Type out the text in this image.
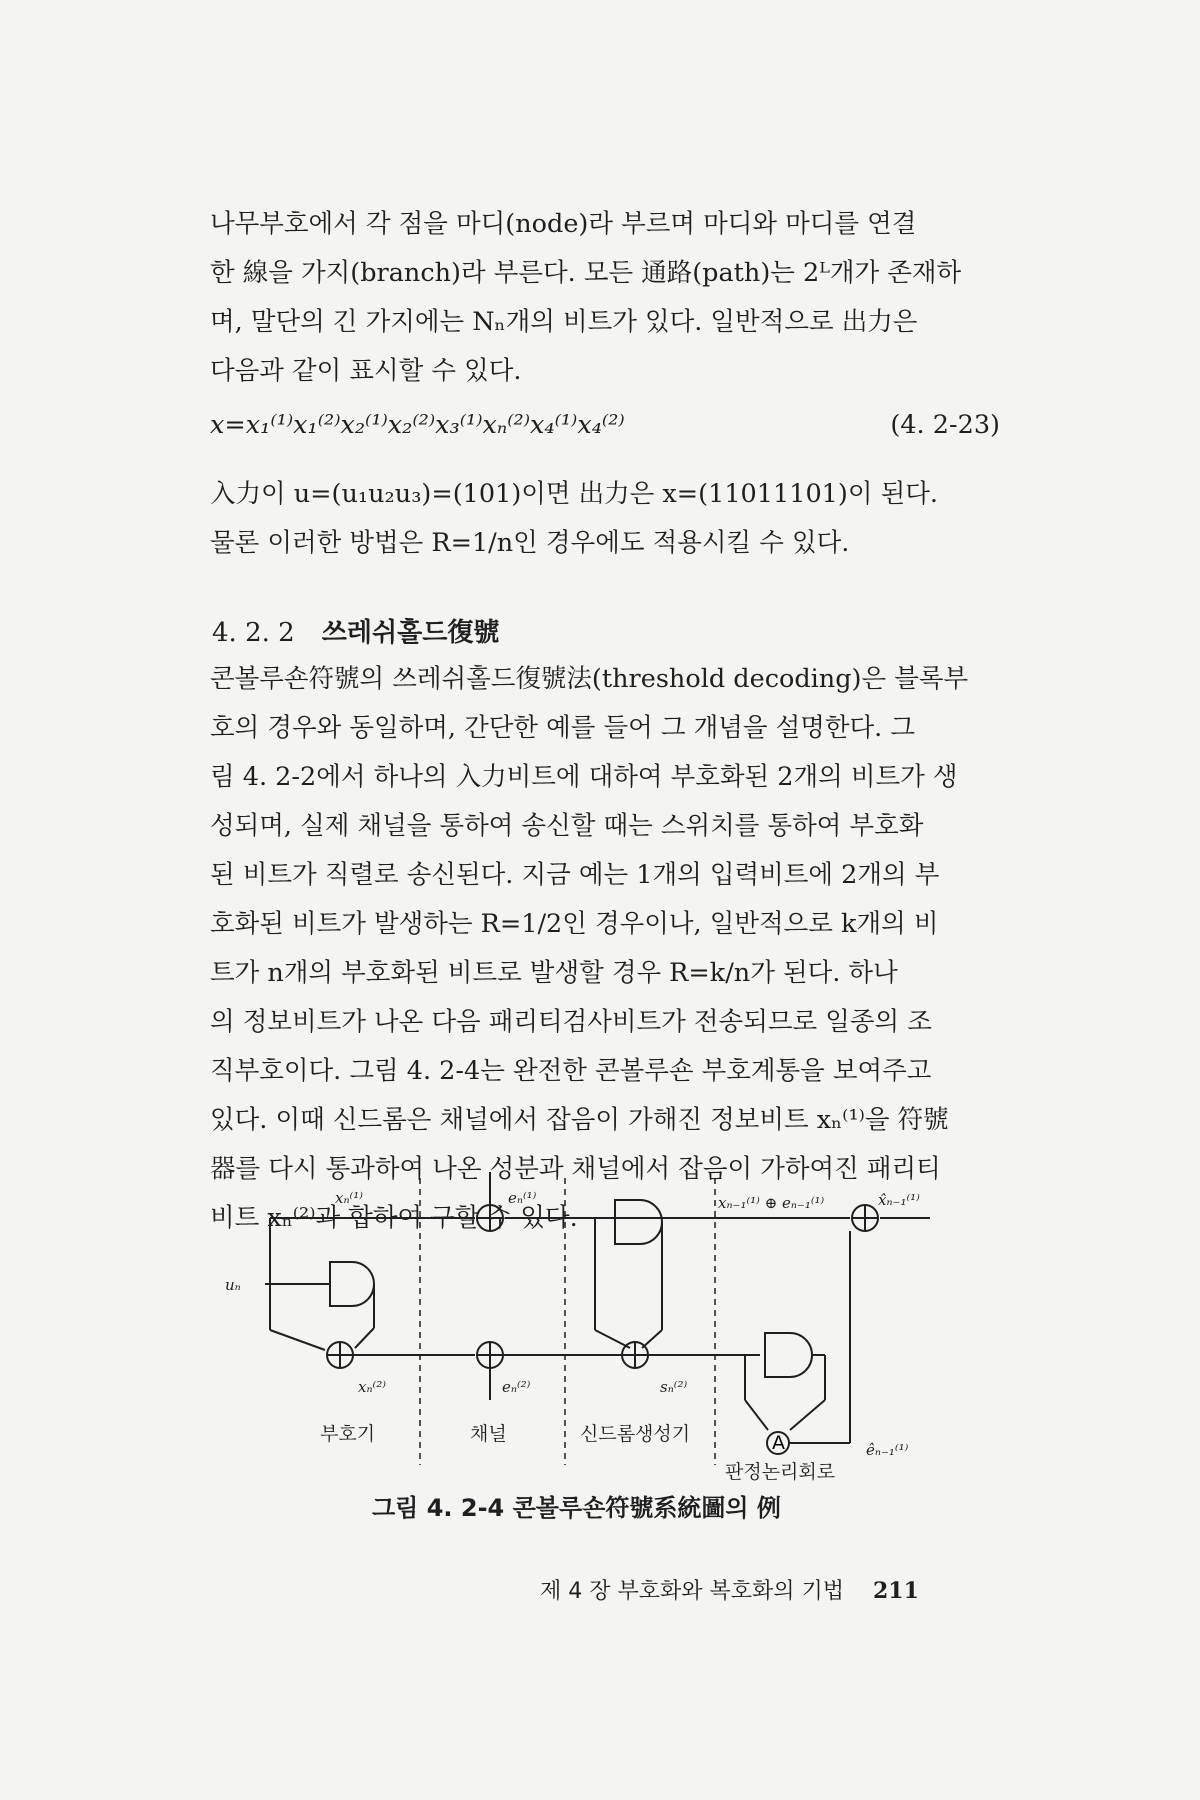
나무부호에서 각 점을 마디(node)라 부르며 마디와 마디를 연결
한 線을 가지(branch)라 부른다. 모든 通路(path)는 2ᴸ개가 존재하
며, 말단의 긴 가지에는 Nₙ개의 비트가 있다. 일반적으로 出力은
다음과 같이 표시할 수 있다.
x=x₁⁽¹⁾x₁⁽²⁾x₂⁽¹⁾x₂⁽²⁾x₃⁽¹⁾xₙ⁽²⁾x₄⁽¹⁾x₄⁽²⁾	(4. 2-23)
入力이 u=(u₁u₂u₃)=(101)이면 出力은 x=(11011101)이 된다.
물론 이러한 방법은 R=1/n인 경우에도 적용시킬 수 있다.
4. 2. 2 쓰레쉬홀드復號
콘볼루숀符號의 쓰레쉬홀드復號法(threshold decoding)은 블록부
호의 경우와 동일하며, 간단한 예를 들어 그 개념을 설명한다. 그
림 4. 2-2에서 하나의 入力비트에 대하여 부호화된 2개의 비트가 생
성되며, 실제 채널을 통하여 송신할 때는 스위치를 통하여 부호화
된 비트가 직렬로 송신된다. 지금 예는 1개의 입력비트에 2개의 부
호화된 비트가 발생하는 R=1/2인 경우이나, 일반적으로 k개의 비
트가 n개의 부호화된 비트로 발생할 경우 R=k/n가 된다. 하나
의 정보비트가 나온 다음 패리티검사비트가 전송되므로 일종의 조
직부호이다. 그림 4. 2-4는 완전한 콘볼루숀 부호계통을 보여주고
있다. 이때 신드롬은 채널에서 잡음이 가해진 정보비트 xₙ⁽¹⁾을 符號
器를 다시 통과하여 나온 성분과 채널에서 잡음이 가하여진 패리티
비트 xₙ⁽²⁾과 합하여 구할 수 있다.
A
xₙ⁽¹⁾	eₙ⁽¹⁾	xₙ₋₁⁽¹⁾ ⊕ eₙ₋₁⁽¹⁾	x̂ₙ₋₁⁽¹⁾
uₙ
xₙ⁽²⁾	eₙ⁽²⁾	sₙ⁽²⁾
êₙ₋₁⁽¹⁾
부호기	채널	신드롬생성기
판정논리회로
그림 4. 2-4 콘볼루숀符號系統圖의 例
제 4 장 부호화와 복호화의 기법 211
